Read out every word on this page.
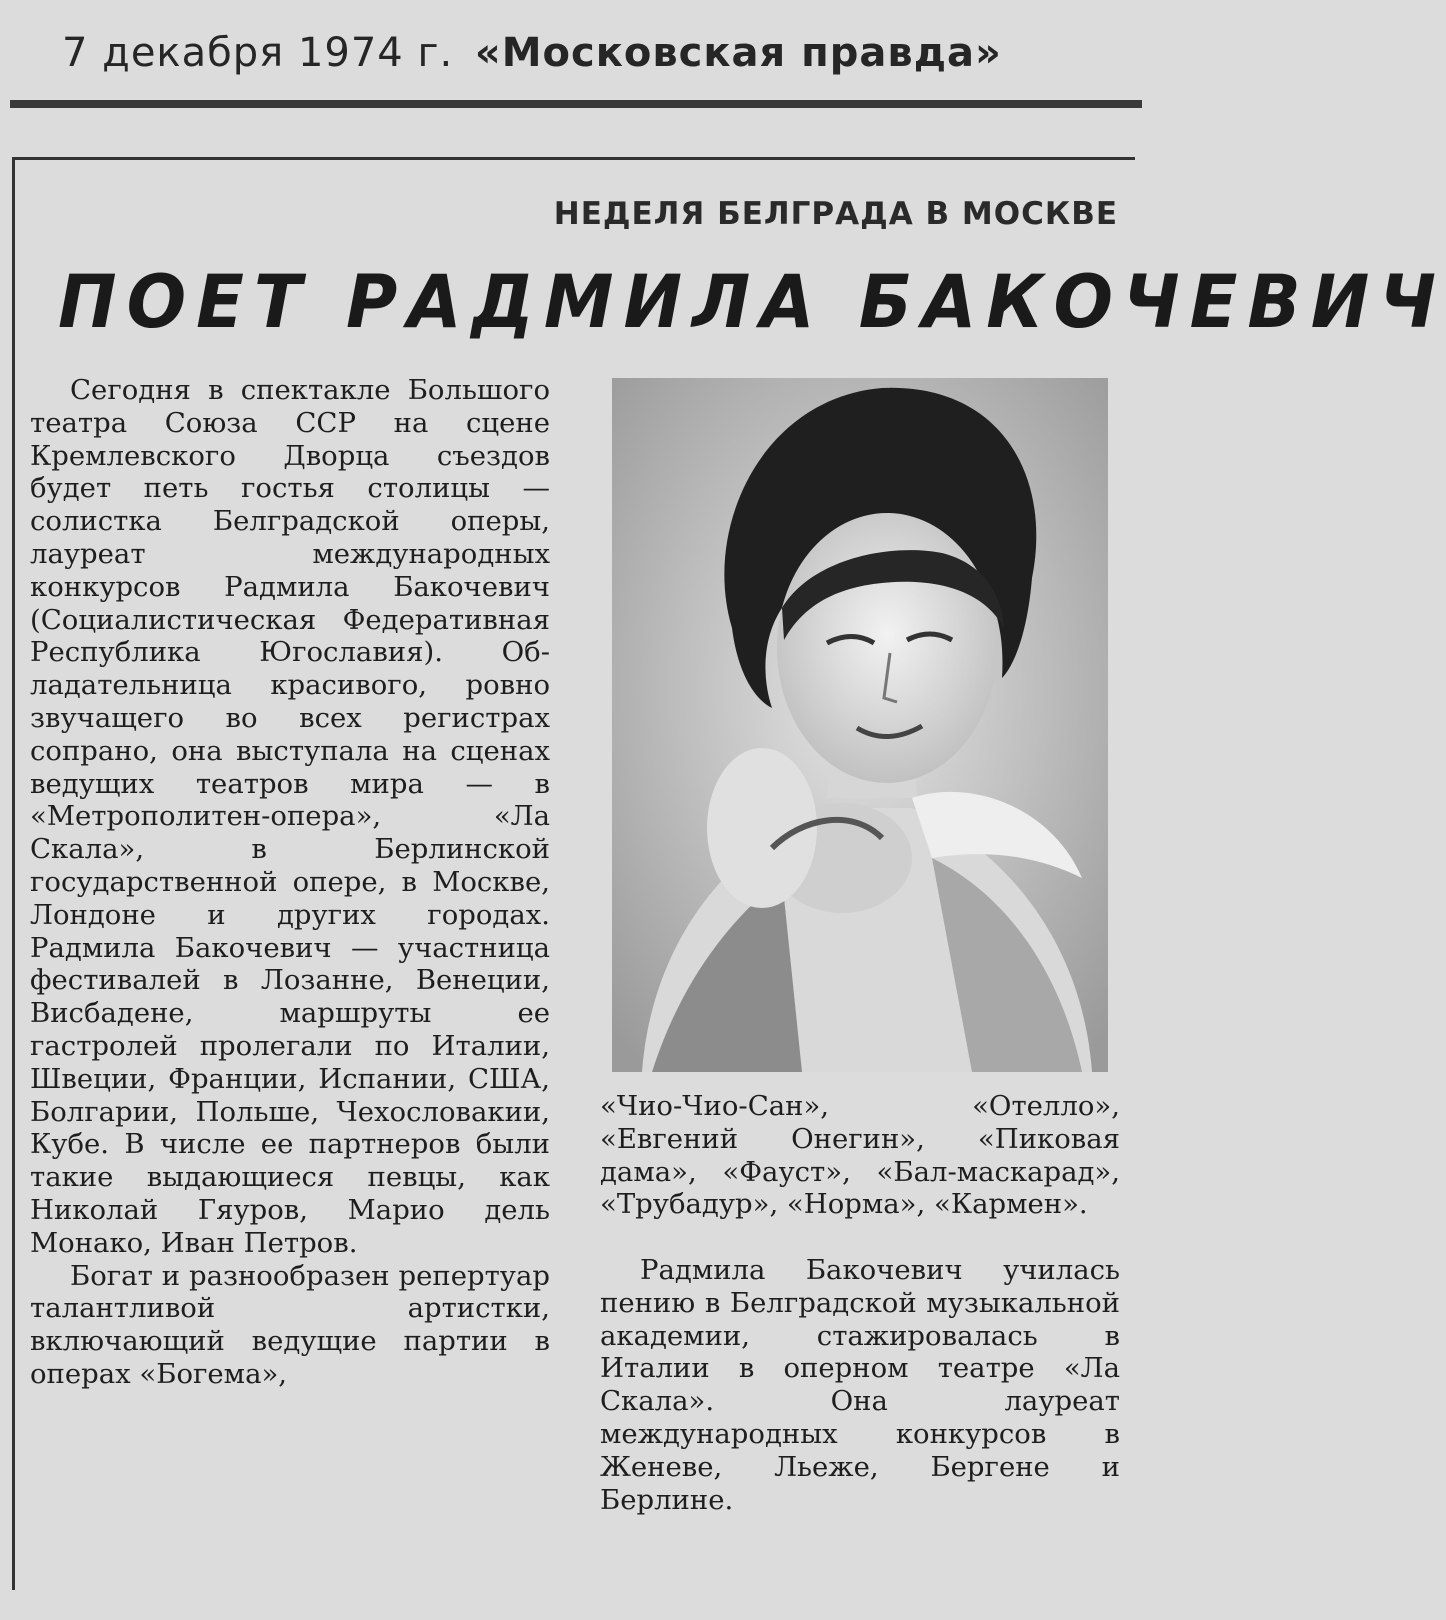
7 декабря 1974 г. «Московская правда»
НЕДЕЛЯ БЕЛГРАДА В МОСКВЕ
ПОЕТ РАДМИЛА БАКОЧЕВИЧ

Сегодня в спектакле Большого театра Союза ССР на сцене Кремлевского Дворца съездов будет петь гостья столицы — солистка Белградской оперы, лауреат международных конкурсов Радмила Бакочевич (Социалистическая Федеративная Республика Югославия). Обладательница красивого, ровно звучащего во всех регистрах сопрано, она выступала на сценах ведущих театров мира — в «Метрополитен-опера», «Ла Скала», в Берлинской государственной опере, в Москве, Лондоне и других городах. Радмила Бакочевич — участница фестивалей в Лозанне, Венеции, Висбадене, маршруты ее гастролей пролегали по Италии, Швеции, Франции, Испании, США, Болгарии, Польше, Чехословакии, Кубе. В числе ее партнеров были такие выдающиеся певцы, как Николай Гяуров, Марио дель Монако, Иван Петров.

Богат и разнообразен репертуар талантливой артистки, включающий ведущие партии в операх «Богема»,

«Чио-Чио-Сан», «Отелло», «Евгений Онегин», «Пиковая дама», «Фауст», «Бал-маскарад», «Трубадур», «Норма», «Кармен».

Радмила Бакочевич училась пению в Белградской музыкальной академии, стажировалась в Италии в оперном театре «Ла Скала». Она лауреат международных конкурсов в Женеве, Льеже, Бергене и Берлине.
